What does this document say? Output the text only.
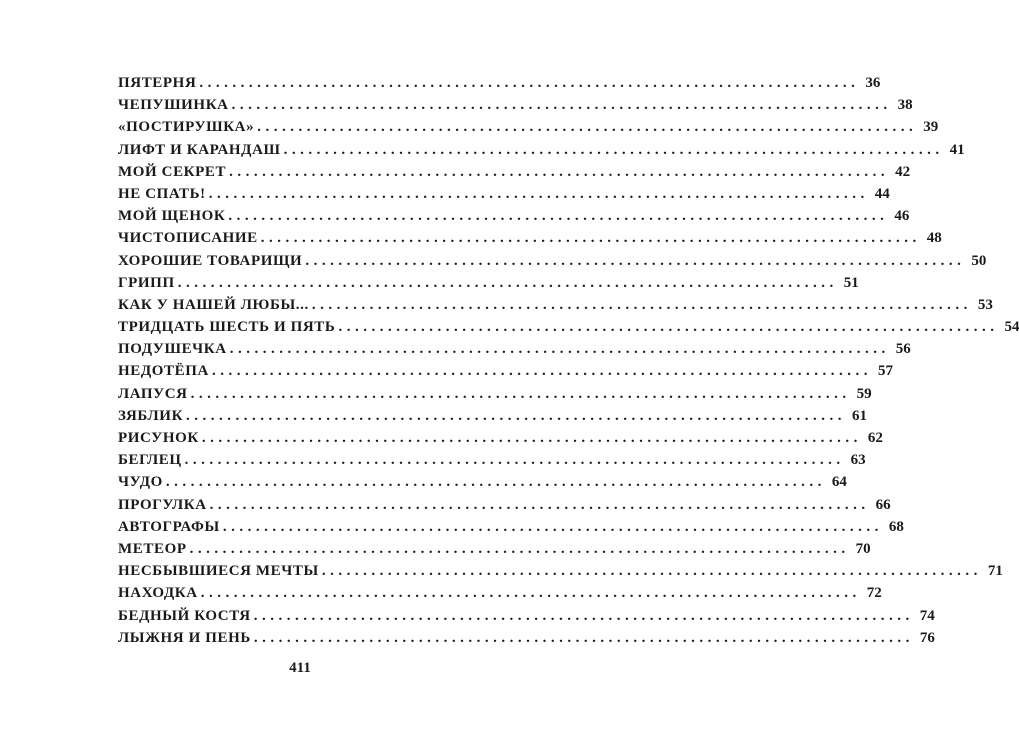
ПЯТЕРНЯ ................................................................................ 36
ЧЕПУШИНКА ................................................................................ 38
«ПОСТИРУШКА» ................................................................................ 39
ЛИФТ И КАРАНДАШ ................................................................................ 41
МОЙ СЕКРЕТ ................................................................................ 42
НЕ СПАТЬ! ................................................................................ 44
МОЙ ЩЕНОК ................................................................................ 46
ЧИСТОПИСАНИЕ ................................................................................ 48
ХОРОШИЕ ТОВАРИЩИ ................................................................................ 50
ГРИПП ................................................................................ 51
КАК У НАШЕЙ ЛЮБЫ... ................................................................................ 53
ТРИДЦАТЬ ШЕСТЬ И ПЯТЬ ................................................................................ 54
ПОДУШЕЧКА ................................................................................ 56
НЕДОТЁПА ................................................................................ 57
ЛАПУСЯ ................................................................................ 59
ЗЯБЛИК ................................................................................ 61
РИСУНОК ................................................................................ 62
БЕГЛЕЦ ................................................................................ 63
ЧУДО ................................................................................ 64
ПРОГУЛКА ................................................................................ 66
АВТОГРАФЫ ................................................................................ 68
МЕТЕОР ................................................................................ 70
НЕСБЫВШИЕСЯ МЕЧТЫ ................................................................................ 71
НАХОДКА ................................................................................ 72
БЕДНЫЙ КОСТЯ ................................................................................ 74
ЛЫЖНЯ И ПЕНЬ ................................................................................ 76
411
